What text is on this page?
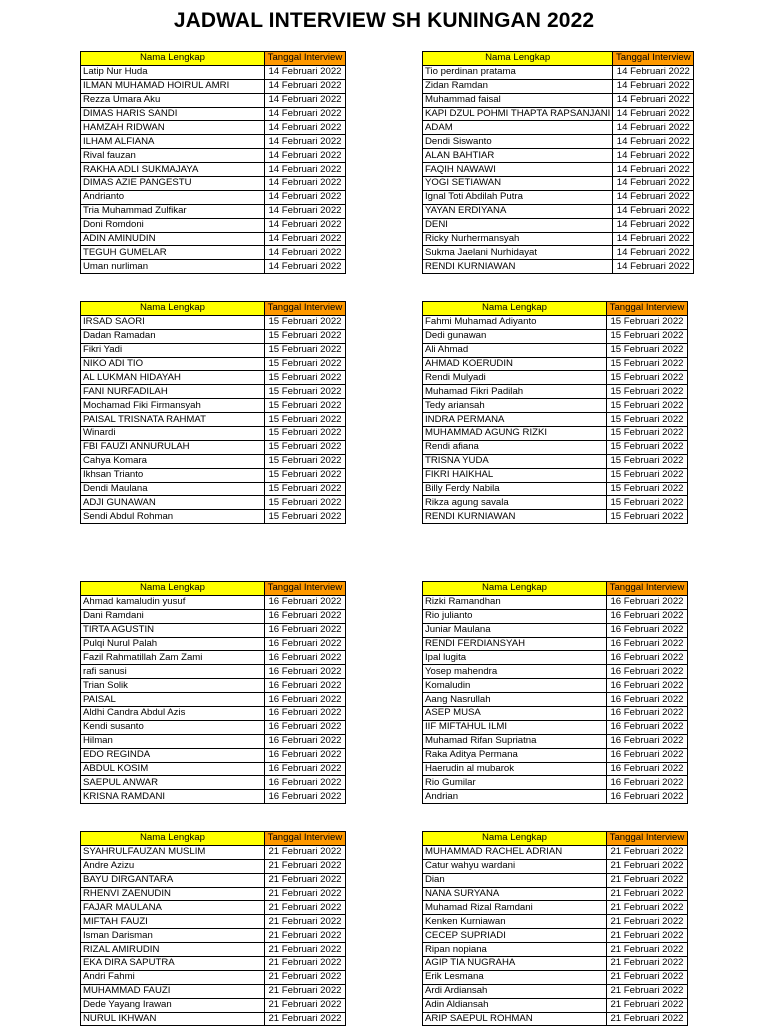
JADWAL INTERVIEW SH KUNINGAN 2022
Nama Lengkap	Tanggal Interview
Latip Nur Huda	14 Februari 2022
ILMAN MUHAMAD HOIRUL AMRI	14 Februari 2022
Rezza Umara Aku	14 Februari 2022
DIMAS HARIS SANDI	14 Februari 2022
HAMZAH RIDWAN	14 Februari 2022
ILHAM ALFIANA	14 Februari 2022
Rival fauzan	14 Februari 2022
RAKHA ADLI SUKMAJAYA	14 Februari 2022
DIMAS AZIE PANGESTU	14 Februari 2022
Andrianto	14 Februari 2022
Tria Muhammad Zulfikar	14 Februari 2022
Doni Romdoni	14 Februari 2022
ADIN AMINUDIN	14 Februari 2022
TEGUH GUMELAR	14 Februari 2022
Uman nurliman	14 Februari 2022
Nama Lengkap	Tanggal Interview
Tio perdinan pratama	14 Februari 2022
Zidan Ramdan	14 Februari 2022
Muhammad faisal	14 Februari 2022
KAPI DZUL POHMI THAPTA RAPSANJANI	14 Februari 2022
ADAM	14 Februari 2022
Dendi Siswanto	14 Februari 2022
ALAN BAHTIAR	14 Februari 2022
FAQIH NAWAWI	14 Februari 2022
YOGI SETIAWAN	14 Februari 2022
Ignal Toti Abdilah Putra	14 Februari 2022
YAYAN ERDIYANA	14 Februari 2022
DENI	14 Februari 2022
Ricky Nurhermansyah	14 Februari 2022
Sukma Jaelani Nurhidayat	14 Februari 2022
RENDI KURNIAWAN	14 Februari 2022
Nama Lengkap	Tanggal Interview
IRSAD SAORI	15 Februari 2022
Dadan Ramadan	15 Februari 2022
Fikri Yadi	15 Februari 2022
NIKO ADI TIO	15 Februari 2022
AL LUKMAN HIDAYAH	15 Februari 2022
FANI NURFADILAH	15 Februari 2022
Mochamad Fiki Firmansyah	15 Februari 2022
PAISAL TRISNATA RAHMAT	15 Februari 2022
Winardi	15 Februari 2022
FBI FAUZI ANNURULAH	15 Februari 2022
Cahya Komara	15 Februari 2022
Ikhsan Trianto	15 Februari 2022
Dendi Maulana	15 Februari 2022
ADJI GUNAWAN	15 Februari 2022
Sendi Abdul Rohman	15 Februari 2022
Nama Lengkap	Tanggal Interview
Fahmi Muhamad Adiyanto	15 Februari 2022
Dedi gunawan	15 Februari 2022
Ali Ahmad	15 Februari 2022
AHMAD KOERUDIN	15 Februari 2022
Rendi Mulyadi	15 Februari 2022
Muhamad Fikri Padilah	15 Februari 2022
Tedy ariansah	15 Februari 2022
INDRA PERMANA	15 Februari 2022
MUHAMMAD AGUNG RIZKI	15 Februari 2022
Rendi afiana	15 Februari 2022
TRISNA YUDA	15 Februari 2022
FIKRI HAIKHAL	15 Februari 2022
Billy Ferdy Nabila	15 Februari 2022
Rikza agung savala	15 Februari 2022
RENDI KURNIAWAN	15 Februari 2022
Nama Lengkap	Tanggal Interview
Ahmad kamaludin yusuf	16 Februari 2022
Dani Ramdani	16 Februari 2022
TIRTA AGUSTIN	16 Februari 2022
Pulqi Nurul Palah	16 Februari 2022
Fazil Rahmatillah Zam Zami	16 Februari 2022
rafi sanusi	16 Februari 2022
Trian Solik	16 Februari 2022
PAISAL	16 Februari 2022
Aldhi Candra Abdul Azis	16 Februari 2022
Kendi susanto	16 Februari 2022
Hilman	16 Februari 2022
EDO REGINDA	16 Februari 2022
ABDUL KOSIM	16 Februari 2022
SAEPUL ANWAR	16 Februari 2022
KRISNA RAMDANI	16 Februari 2022
Nama Lengkap	Tanggal Interview
Rizki Ramandhan	16 Februari 2022
Rio julianto	16 Februari 2022
Juniar Maulana	16 Februari 2022
RENDI FERDIANSYAH	16 Februari 2022
Ipal lugita	16 Februari 2022
Yosep mahendra	16 Februari 2022
Komaludin	16 Februari 2022
Aang Nasrullah	16 Februari 2022
ASEP MUSA	16 Februari 2022
IIF MIFTAHUL ILMI	16 Februari 2022
Muhamad Rifan Supriatna	16 Februari 2022
Raka Aditya Permana	16 Februari 2022
Haerudin al mubarok	16 Februari 2022
Rio Gumilar	16 Februari 2022
Andrian	16 Februari 2022
Nama Lengkap	Tanggal Interview
SYAHRULFAUZAN MUSLIM	21 Februari 2022
Andre Azizu	21 Februari 2022
BAYU DIRGANTARA	21 Februari 2022
RHENVI ZAENUDIN	21 Februari 2022
FAJAR MAULANA	21 Februari 2022
MIFTAH FAUZI	21 Februari 2022
Isman Darisman	21 Februari 2022
RIZAL AMIRUDIN	21 Februari 2022
EKA DIRA SAPUTRA	21 Februari 2022
Andri Fahmi	21 Februari 2022
MUHAMMAD FAUZI	21 Februari 2022
Dede Yayang Irawan	21 Februari 2022
NURUL IKHWAN	21 Februari 2022
Nama Lengkap	Tanggal Interview
MUHAMMAD RACHEL ADRIAN	21 Februari 2022
Catur wahyu wardani	21 Februari 2022
Dian	21 Februari 2022
NANA SURYANA	21 Februari 2022
Muhamad Rizal Ramdani	21 Februari 2022
Kenken Kurniawan	21 Februari 2022
CECEP SUPRIADI	21 Februari 2022
Ripan nopiana	21 Februari 2022
AGIP TIA NUGRAHA	21 Februari 2022
Erik Lesmana	21 Februari 2022
Ardi Ardiansah	21 Februari 2022
Adin Aldiansah	21 Februari 2022
ARIP SAEPUL ROHMAN	21 Februari 2022
